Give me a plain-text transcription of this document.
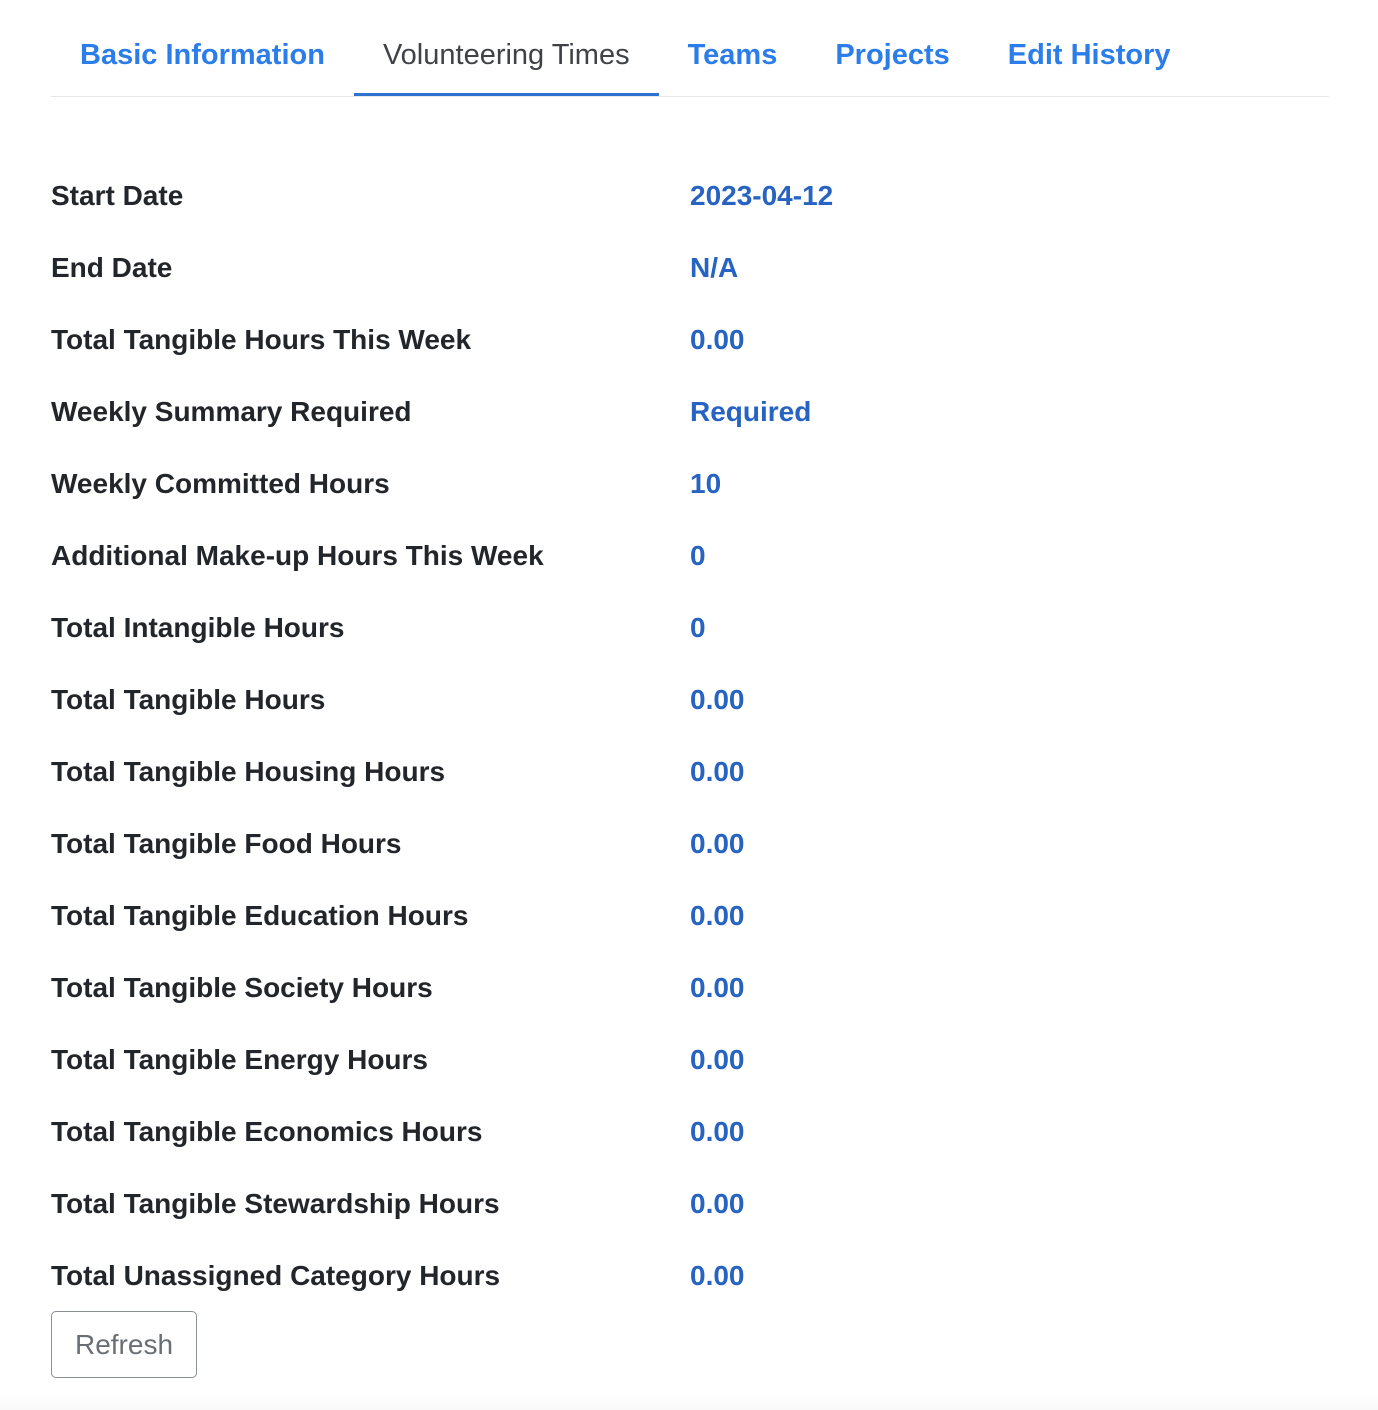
Basic Information	Volunteering Times	Teams	Projects	Edit History
Start Date	2023-04-12
End Date	N/A
Total Tangible Hours This Week	0.00
Weekly Summary Required	Required
Weekly Committed Hours	10
Additional Make-up Hours This Week	0
Total Intangible Hours	0
Total Tangible Hours	0.00
Total Tangible Housing Hours	0.00
Total Tangible Food Hours	0.00
Total Tangible Education Hours	0.00
Total Tangible Society Hours	0.00
Total Tangible Energy Hours	0.00
Total Tangible Economics Hours	0.00
Total Tangible Stewardship Hours	0.00
Total Unassigned Category Hours	0.00
Refresh
